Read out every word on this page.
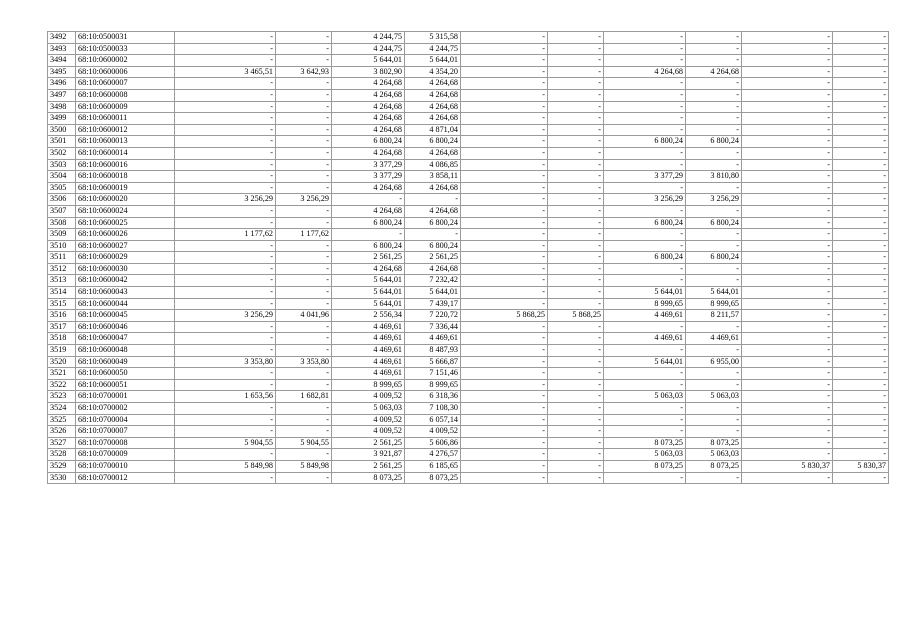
3492	68:10:0500031	-	-	4 244,75	5 315,58	-	-	-	-	-	-
3493	68:10:0500033	-	-	4 244,75	4 244,75	-	-	-	-	-	-
3494	68:10:0600002	-	-	5 644,01	5 644,01	-	-	-	-	-	-
3495	68:10:0600006	3 465,51	3 642,93	3 802,90	4 354,20	-	-	4 264,68	4 264,68	-	-
3496	68:10:0600007	-	-	4 264,68	4 264,68	-	-	-	-	-	-
3497	68:10:0600008	-	-	4 264,68	4 264,68	-	-	-	-	-	-
3498	68:10:0600009	-	-	4 264,68	4 264,68	-	-	-	-	-	-
3499	68:10:0600011	-	-	4 264,68	4 264,68	-	-	-	-	-	-
3500	68:10:0600012	-	-	4 264,68	4 871,04	-	-	-	-	-	-
3501	68:10:0600013	-	-	6 800,24	6 800,24	-	-	6 800,24	6 800,24	-	-
3502	68:10:0600014	-	-	4 264,68	4 264,68	-	-	-	-	-	-
3503	68:10:0600016	-	-	3 377,29	4 086,85	-	-	-	-	-	-
3504	68:10:0600018	-	-	3 377,29	3 858,11	-	-	3 377,29	3 810,80	-	-
3505	68:10:0600019	-	-	4 264,68	4 264,68	-	-	-	-	-	-
3506	68:10:0600020	3 256,29	3 256,29	-	-	-	-	3 256,29	3 256,29	-	-
3507	68:10:0600024	-	-	4 264,68	4 264,68	-	-	-	-	-	-
3508	68:10:0600025	-	-	6 800,24	6 800,24	-	-	6 800,24	6 800,24	-	-
3509	68:10:0600026	1 177,62	1 177,62	-	-	-	-	-	-	-	-
3510	68:10:0600027	-	-	6 800,24	6 800,24	-	-	-	-	-	-
3511	68:10:0600029	-	-	2 561,25	2 561,25	-	-	6 800,24	6 800,24	-	-
3512	68:10:0600030	-	-	4 264,68	4 264,68	-	-	-	-	-	-
3513	68:10:0600042	-	-	5 644,01	7 232,42	-	-	-	-	-	-
3514	68:10:0600043	-	-	5 644,01	5 644,01	-	-	5 644,01	5 644,01	-	-
3515	68:10:0600044	-	-	5 644,01	7 439,17	-	-	8 999,65	8 999,65	-	-
3516	68:10:0600045	3 256,29	4 041,96	2 556,34	7 220,72	5 868,25	5 868,25	4 469,61	8 211,57	-	-
3517	68:10:0600046	-	-	4 469,61	7 336,44	-	-	-	-	-	-
3518	68:10:0600047	-	-	4 469,61	4 469,61	-	-	4 469,61	4 469,61	-	-
3519	68:10:0600048	-	-	4 469,61	8 487,93	-	-	-	-	-	-
3520	68:10:0600049	3 353,80	3 353,80	4 469,61	5 666,87	-	-	5 644,01	6 955,00	-	-
3521	68:10:0600050	-	-	4 469,61	7 151,46	-	-	-	-	-	-
3522	68:10:0600051	-	-	8 999,65	8 999,65	-	-	-	-	-	-
3523	68:10:0700001	1 653,56	1 682,81	4 009,52	6 318,36	-	-	5 063,03	5 063,03	-	-
3524	68:10:0700002	-	-	5 063,03	7 108,30	-	-	-	-	-	-
3525	68:10:0700004	-	-	4 009,52	6 057,14	-	-	-	-	-	-
3526	68:10:0700007	-	-	4 009,52	4 009,52	-	-	-	-	-	-
3527	68:10:0700008	5 904,55	5 904,55	2 561,25	5 606,86	-	-	8 073,25	8 073,25	-	-
3528	68:10:0700009	-	-	3 921,87	4 276,57	-	-	5 063,03	5 063,03	-	-
3529	68:10:0700010	5 849,98	5 849,98	2 561,25	6 185,65	-	-	8 073,25	8 073,25	5 830,37	5 830,37
3530	68:10:0700012	-	-	8 073,25	8 073,25	-	-	-	-	-	-
